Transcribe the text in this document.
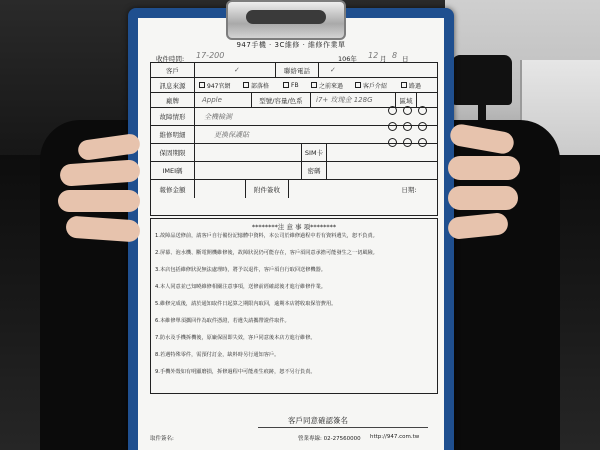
947手機 · 3C維修 · 維修作業單
收件時間: 17-200	106年 12 月 8 日
客戶	✓	聯絡電話	✓
訊息來源	947官網	部落格	FB	之前來過	客戶介紹	路過
廠牌	Apple	型號/容量/色系	i7+ 玫瑰金 128G	區域
故障情形	全機檢測
維修明細	更換保護貼
保固期限	SIM卡
IMEI碼	密碼
報修金額	附件簽收	日期:
********注 意 事 項********
1.故障品送修前，請客戶自行備份記憶體中資料，本公司於維修過程中若有資料遺失，恕不負責。
2.屏幕、泡水機、斷電開機維修後，故障狀況仍可能存在，客戶須同意承擔可能發生之一切風險。
3.本店包括維修狀況無法處理時，將予以退件，客戶須自行取回送修機器。
4.本人同意並已知曉維修相關注意事項，送修前經確認後才進行維修作業。
5.維修完成後，請於通知取件日起算之期限內取回，逾期本店將收取保管費用。
6.本維修單須攜回作為取件憑證，若遺失請攜帶證件取件。
7.防水及手機拆機後，原廠保固即失效，客戶同意後本店方進行維修。
8.若遇特殊零件，需預付訂金，缺料時另行通知客戶。
9.手機外殼如有明顯磨損，拆修過程中可能產生痕跡，恕不另行負責。
客戶同意確認簽名
取件簽名:	營業專線: 02-27560000 http://947.com.tw
